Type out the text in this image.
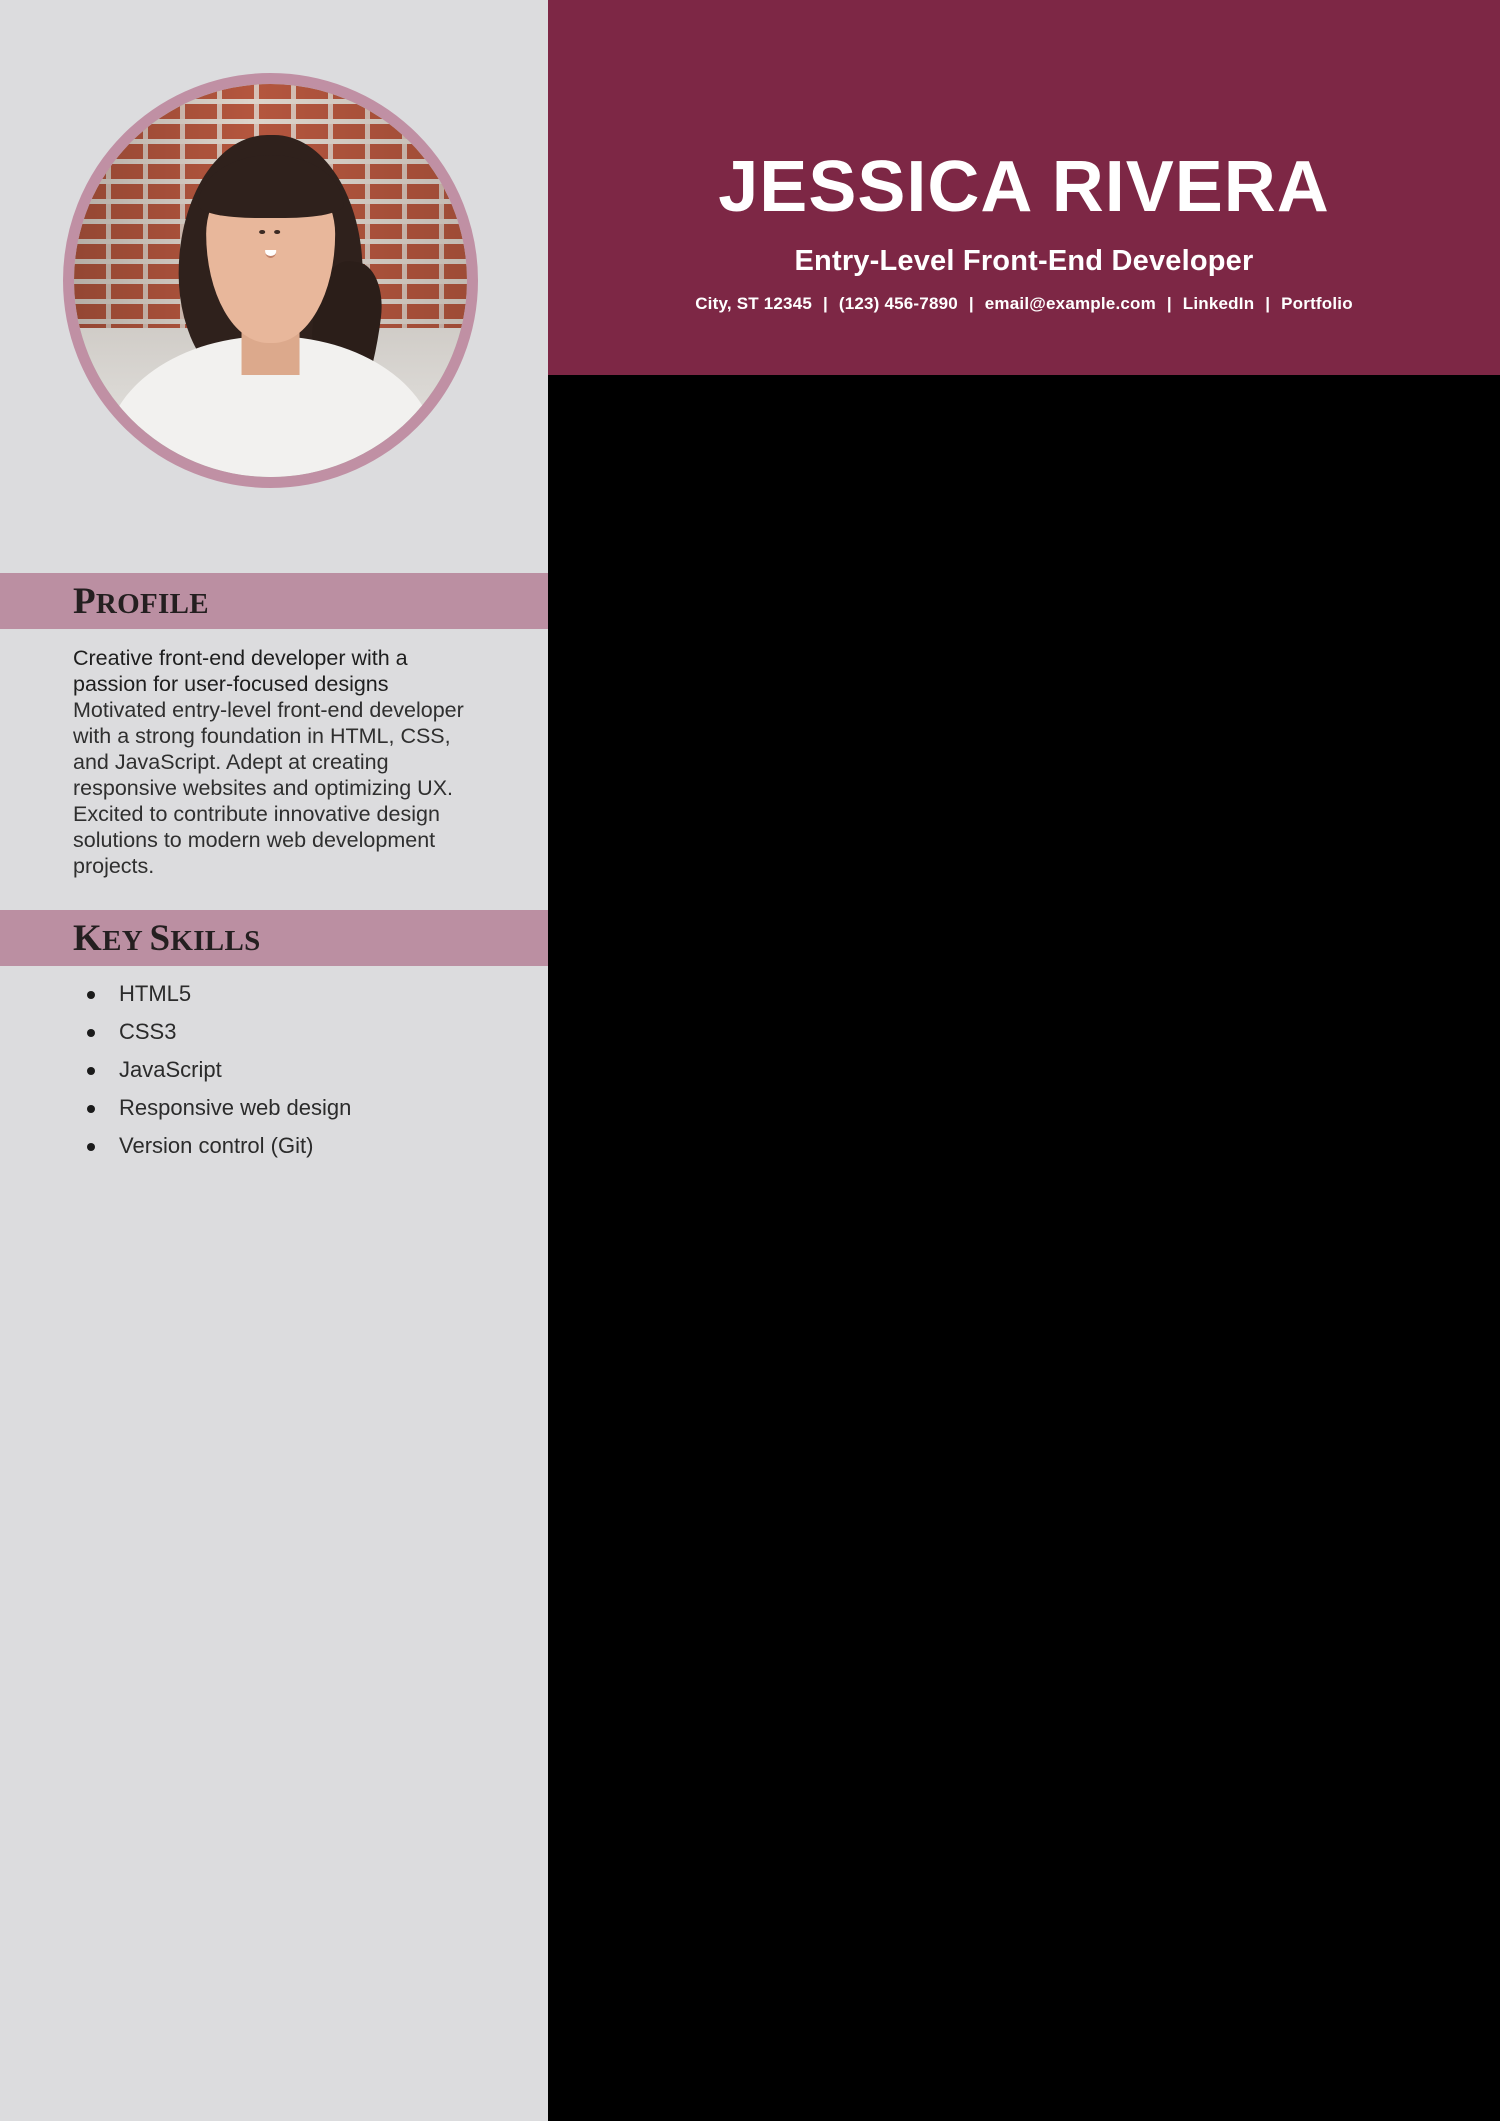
PROFILE
Creative front-end developer with a passion for user-focused designs
Motivated entry-level front-end developer with a strong foundation in HTML, CSS, and JavaScript. Adept at creating responsive websites and optimizing UX. Excited to contribute innovative design solutions to modern web development projects.
KEY SKILLS
HTML5
CSS3
JavaScript
Responsive web design
Version control (Git)
JESSICA RIVERA
Entry-Level Front-End Developer
City, ST 12345 | (123) 456-7890 | email@example.com | LinkedIn | Portfolio
